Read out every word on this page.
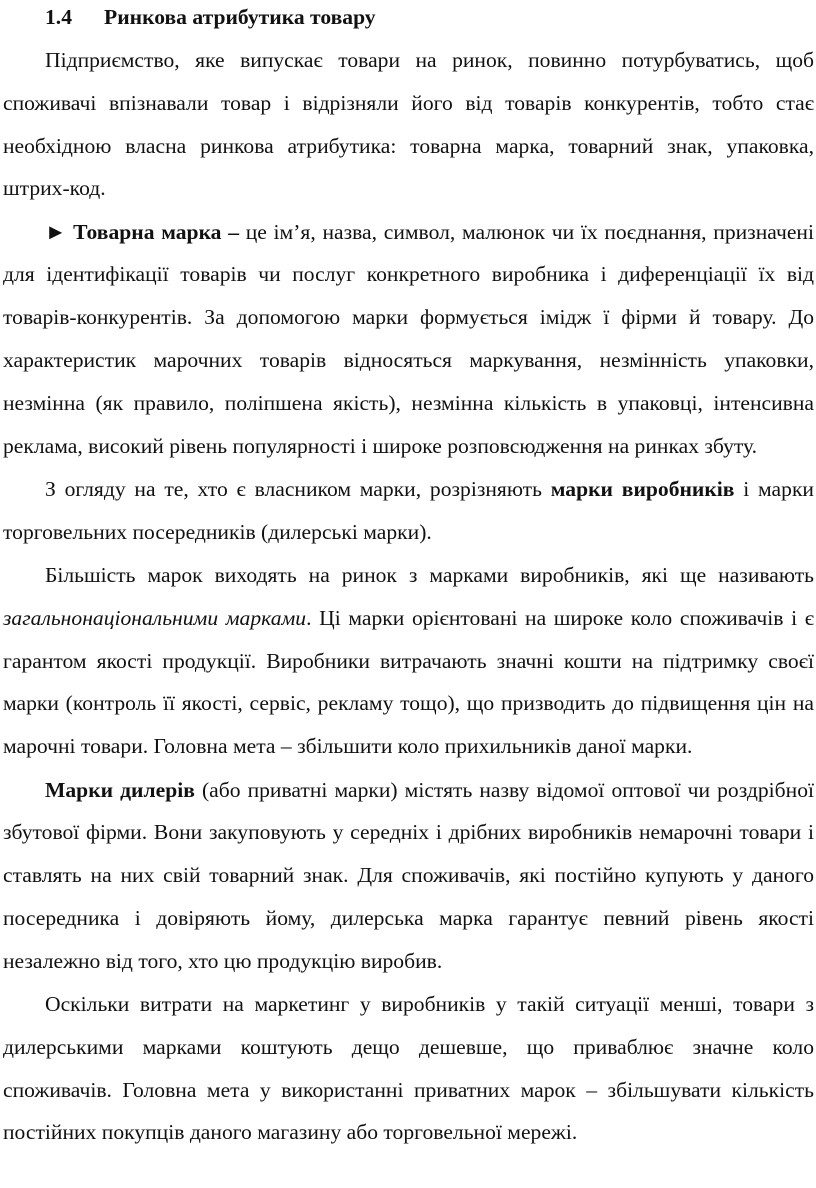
1.4 Ринкова атрибутика товару

Підприємство, яке випускає товари на ринок, повинно потурбуватись, щоб споживачі впізнавали товар і відрізняли його від товарів конкурентів, тобто стає необхідною власна ринкова атрибутика: товарна марка, товарний знак, упаковка, штрих-код.

► Товарна марка – це ім’я, назва, символ, малюнок чи їх поєднання, призначені для ідентифікації товарів чи послуг конкретного виробника і диференціації їх від товарів-конкурентів. За допомогою марки формується імідж ї фірми й товару. До характеристик марочних товарів відносяться маркування, незмінність упаковки, незмінна (як правило, поліпшена якість), незмінна кількість в упаковці, інтенсивна реклама, високий рівень популярності і широке розповсюдження на ринках збуту.

З огляду на те, хто є власником марки, розрізняють марки виробників і марки торговельних посередників (дилерські марки).

Більшість марок виходять на ринок з марками виробників, які ще називають загальнонаціональними марками. Ці марки орієнтовані на широке коло споживачів і є гарантом якості продукції. Виробники витрачають значні кошти на підтримку своєї марки (контроль її якості, сервіс, рекламу тощо), що призводить до підвищення цін на марочні товари. Головна мета – збільшити коло прихильників даної марки.

Марки дилерів (або приватні марки) містять назву відомої оптової чи роздрібної збутової фірми. Вони закуповують у середніх і дрібних виробників немарочні товари і ставлять на них свій товарний знак. Для споживачів, які постійно купують у даного посередника і довіряють йому, дилерська марка гарантує певний рівень якості незалежно від того, хто цю продукцію виробив.

Оскільки витрати на маркетинг у виробників у такій ситуації менші, товари з дилерськими марками коштують дещо дешевше, що приваблює значне коло споживачів. Головна мета у використанні приватних марок – збільшувати кількість постійних покупців даного магазину або торговельної мережі.
